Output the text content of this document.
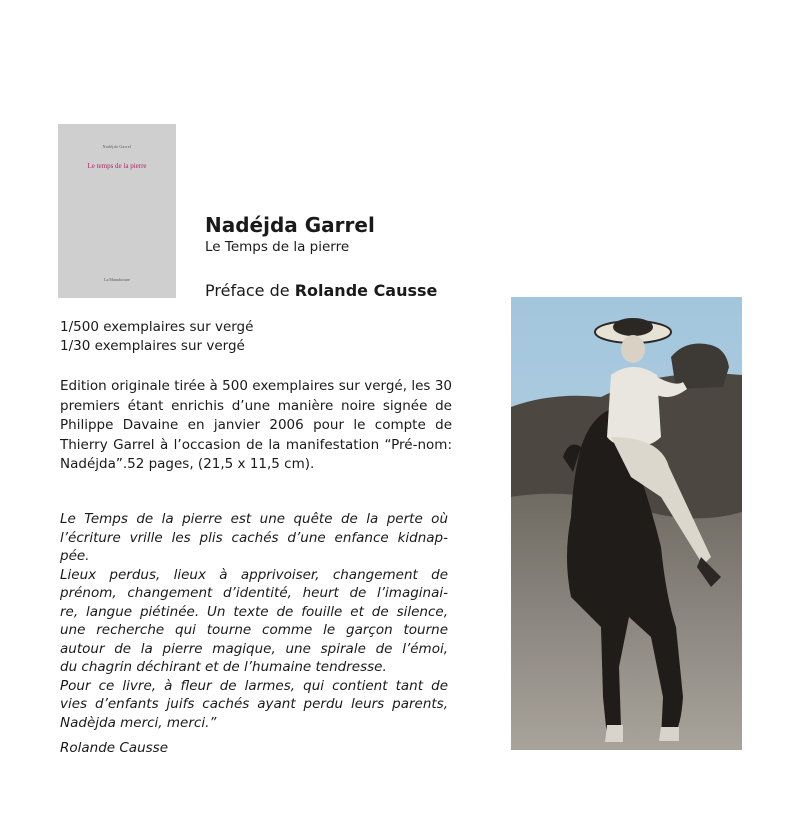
Nadéjda Garrel
Le temps de la pierre
La Manufacture
Nadéjda Garrel
Le Temps de la pierre
Préface de Rolande Causse
1/500 exemplaires sur vergé
1/30 exemplaires sur vergé
Edition originale tirée à 500 exemplaires sur vergé, les 30 premiers étant enrichis d’une manière noire signée de Philippe Davaine en janvier 2006 pour le compte de Thierry Garrel à l’occasion de la manifestation “Pré-nom: Nadéjda”.52 pages, (21,5 x 11,5 cm).
Le Temps de la pierre est une quête de la perte où
l’écriture vrille les plis cachés d’une enfance kidnap-
pée.
Lieux perdus, lieux à apprivoiser, changement de
prénom, changement d’identité, heurt de l’imaginai-
re, langue piétinée. Un texte de fouille et de silence,
une recherche qui tourne comme le garçon tourne
autour de la pierre magique, une spirale de l’émoi,
du chagrin déchirant et de l’humaine tendresse.
Pour ce livre, à fleur de larmes, qui contient tant de
vies d’enfants juifs cachés ayant perdu leurs parents,
Nadèjda merci, merci.”
Rolande Causse
